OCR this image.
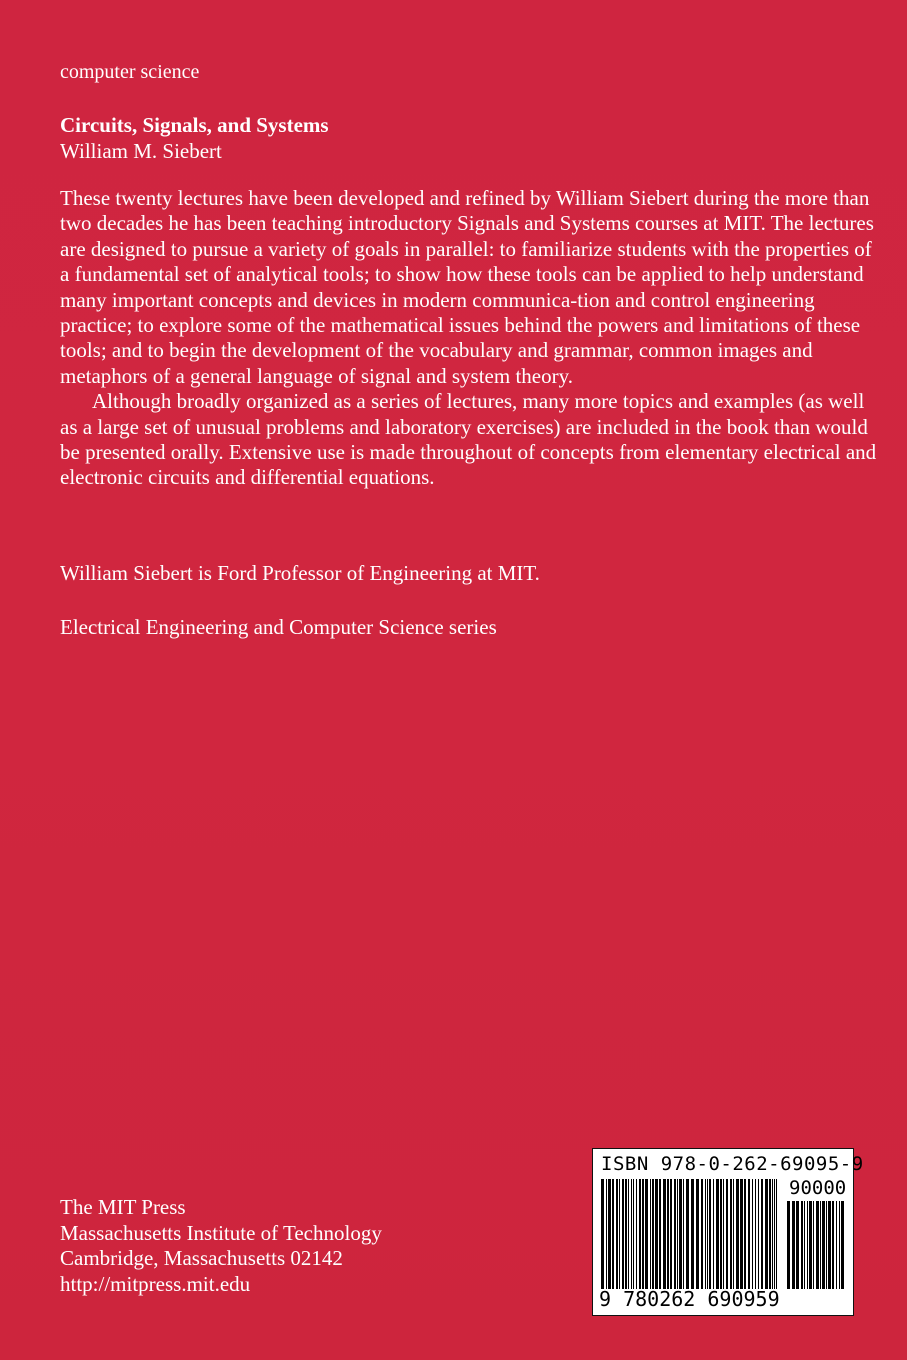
computer science
Circuits, Signals, and Systems
William M. Siebert

These twenty lectures have been developed and refined by William Siebert during the more than two decades he has been teaching introductory Signals and Systems courses at MIT. The lectures are designed to pursue a variety of goals in parallel: to familiarize students with the properties of a fundamental set of analytical tools; to show how these tools can be applied to help understand many important concepts and devices in modern communica-tion and control engineering practice; to explore some of the mathematical issues behind the powers and limitations of these tools; and to begin the development of the vocabulary and grammar, common images and metaphors of a general language of signal and system theory.

Although broadly organized as a series of lectures, many more topics and examples (as well as a large set of unusual problems and laboratory exercises) are included in the book than would be presented orally. Extensive use is made throughout of concepts from elementary electrical and electronic circuits and differential equations.

William Siebert is Ford Professor of Engineering at MIT.
Electrical Engineering and Computer Science series
The MIT Press
Massachusetts Institute of Technology
Cambridge, Massachusetts 02142
http://mitpress.mit.edu
ISBN 978-0-262-69095-9
90000
9 780262 690959
